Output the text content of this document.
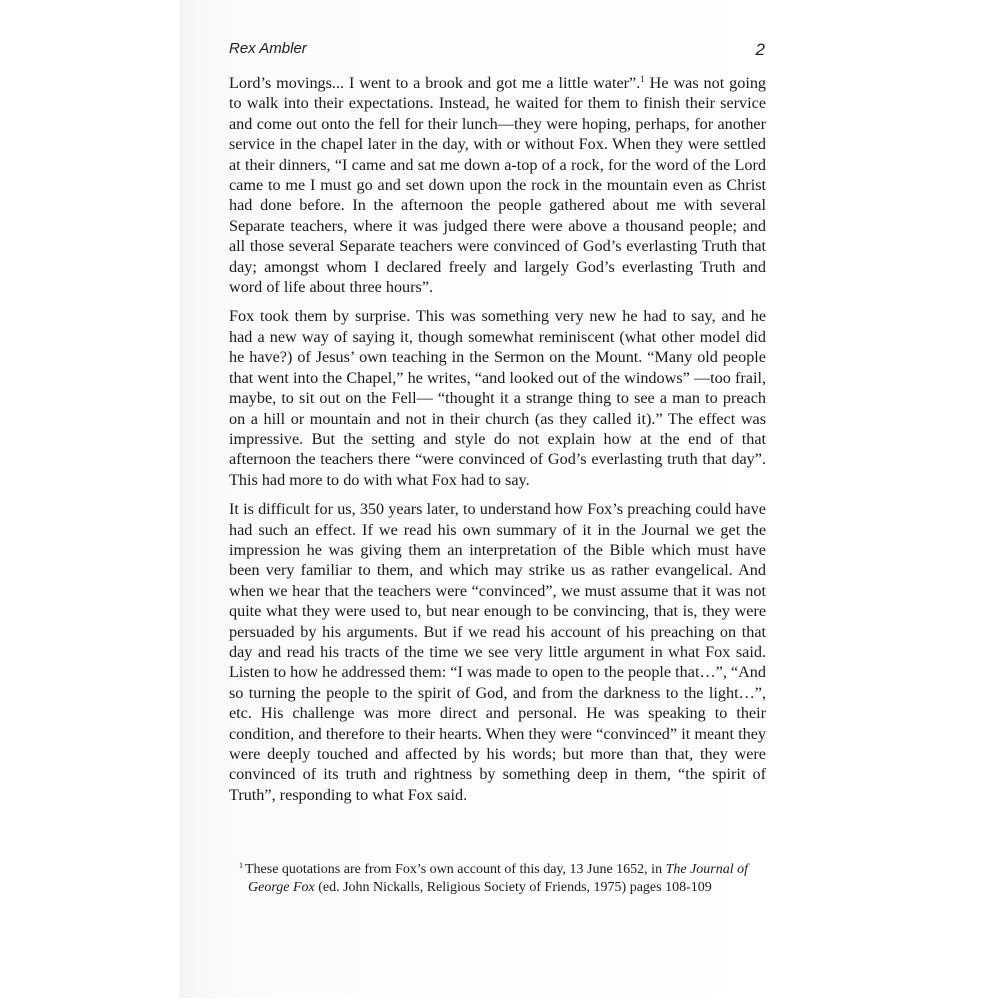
Rex Ambler	2

Lord’s movings... I went to a brook and got me a little water”.$^1$ He was not going to walk into their expectations. Instead, he waited for them to finish their service and come out onto the fell for their lunch—they were hoping, perhaps, for another service in the chapel later in the day, with or without Fox. When they were settled at their dinners, “I came and sat me down a-top of a rock, for the word of the Lord came to me I must go and set down upon the rock in the mountain even as Christ had done before. In the afternoon the people gathered about me with several Separate teachers, where it was judged there were above a thousand people; and all those several Separate teachers were convinced of God’s everlasting Truth that day; amongst whom I declared freely and largely God’s everlasting Truth and word of life about three hours”.

Fox took them by surprise. This was something very new he had to say, and he had a new way of saying it, though somewhat reminiscent (what other model did he have?) of Jesus’ own teaching in the Sermon on the Mount. “Many old people that went into the Chapel,” he writes, “and looked out of the windows” —too frail, maybe, to sit out on the Fell— “thought it a strange thing to see a man to preach on a hill or mountain and not in their church (as they called it).” The effect was impressive. But the setting and style do not explain how at the end of that afternoon the teachers there “were convinced of God’s everlasting truth that day”. This had more to do with what Fox had to say.

It is difficult for us, 350 years later, to understand how Fox’s preaching could have had such an effect. If we read his own summary of it in the Journal we get the impression he was giving them an interpretation of the Bible which must have been very familiar to them, and which may strike us as rather evangelical. And when we hear that the teachers were “convinced”, we must assume that it was not quite what they were used to, but near enough to be convincing, that is, they were persuaded by his arguments. But if we read his account of his preaching on that day and read his tracts of the time we see very little argument in what Fox said. Listen to how he addressed them: “I was made to open to the people that…”, “And so turning the people to the spirit of God, and from the darkness to the light…”, etc. His challenge was more direct and personal. He was speaking to their condition, and therefore to their hearts. When they were “convinced” it meant they were deeply touched and affected by his words; but more than that, they were convinced of its truth and rightness by something deep in them, “the spirit of Truth”, responding to what Fox said.

$^1$ These quotations are from Fox’s own account of this day, 13 June 1652, in The Journal of George Fox (ed. John Nickalls, Religious Society of Friends, 1975) pages 108-109
